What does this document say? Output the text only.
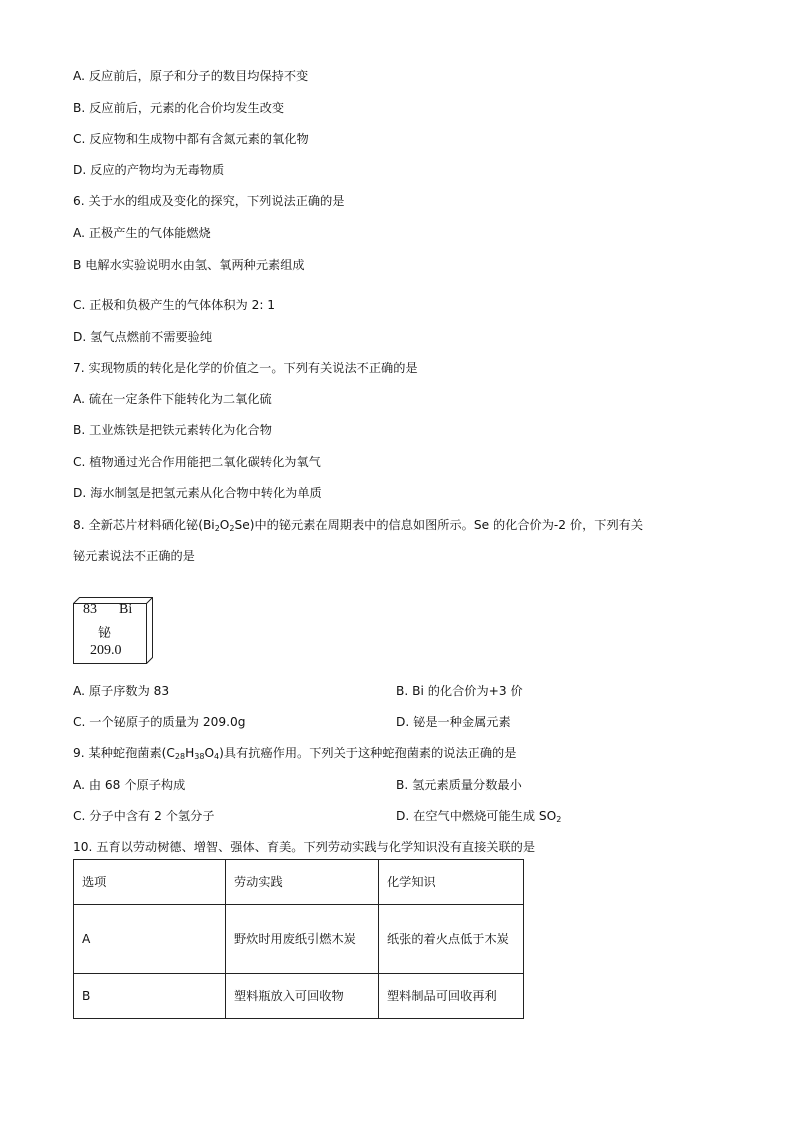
A. 反应前后，原子和分子的数目均保持不变
B. 反应前后，元素的化合价均发生改变
C. 反应物和生成物中都有含氮元素的氧化物
D. 反应的产物均为无毒物质
6. 关于水的组成及变化的探究，下列说法正确的是
A. 正极产生的气体能燃烧
B 电解水实验说明水由氢、氧两种元素组成
C. 正极和负极产生的气体体积为 2: 1
D. 氢气点燃前不需要验纯
7. 实现物质的转化是化学的价值之一。下列有关说法不正确的是
A. 硫在一定条件下能转化为二氧化硫
B. 工业炼铁是把铁元素转化为化合物
C. 植物通过光合作用能把二氧化碳转化为氧气
D. 海水制氢是把氢元素从化合物中转化为单质
8. 全新芯片材料硒化铋$(Bi_2O_2Se)$中的铋元素在周期表中的信息如图所示。Se 的化合价为-2 价，下列有关
铋元素说法不正确的是
83 Bi
铋
209.0
A. 原子序数为 83	B. Bi 的化合价为+3 价
C. 一个铋原子的质量为 209.0g	D. 铋是一种金属元素
9. 某种蛇孢菌素$(C_{28}H_{38}O_4)$具有抗癌作用。下列关于这种蛇孢菌素的说法正确的是
A. 由 68 个原子构成	B. 氢元素质量分数最小
C. 分子中含有 2 个氢分子	D. 在空气中燃烧可能生成 $SO_2$
10. 五育以劳动树德、增智、强体、育美。下列劳动实践与化学知识没有直接关联的是
选项	劳动实践	化学知识
A	野炊时用废纸引燃木炭	纸张的着火点低于木炭
B	塑料瓶放入可回收物	塑料制品可回收再利
